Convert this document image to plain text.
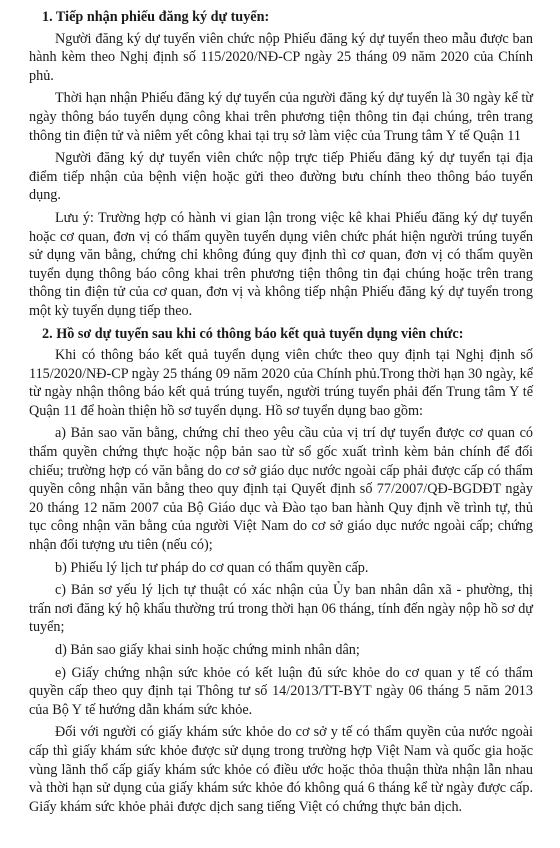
1. Tiếp nhận phiếu đăng ký dự tuyển:

Người đăng ký dự tuyển viên chức nộp Phiếu đăng ký dự tuyển theo mẫu được ban hành kèm theo Nghị định số 115/2020/NĐ-CP ngày 25 tháng 09 năm 2020 của Chính phủ.

Thời hạn nhận Phiếu đăng ký dự tuyển của người đăng ký dự tuyển là 30 ngày kể từ ngày thông báo tuyển dụng công khai trên phương tiện thông tin đại chúng, trên trang thông tin điện tử và niêm yết công khai tại trụ sở làm việc của Trung tâm Y tế Quận 11

Người đăng ký dự tuyển viên chức nộp trực tiếp Phiếu đăng ký dự tuyển tại địa điểm tiếp nhận của bệnh viện hoặc gửi theo đường bưu chính theo thông báo tuyển dụng.

Lưu ý: Trường hợp có hành vi gian lận trong việc kê khai Phiếu đăng ký dự tuyển hoặc cơ quan, đơn vị có thẩm quyền tuyển dụng viên chức phát hiện người trúng tuyển sử dụng văn bằng, chứng chỉ không đúng quy định thì cơ quan, đơn vị có thẩm quyền tuyển dụng thông báo công khai trên phương tiện thông tin đại chúng hoặc trên trang thông tin điện tử của cơ quan, đơn vị và không tiếp nhận Phiếu đăng ký dự tuyển trong một kỳ tuyển dụng tiếp theo.

2. Hồ sơ dự tuyển sau khi có thông báo kết quả tuyển dụng viên chức:

Khi có thông báo kết quả tuyển dụng viên chức theo quy định tại Nghị định số 115/2020/NĐ-CP ngày 25 tháng 09 năm 2020 của Chính phủ.Trong thời hạn 30 ngày, kể từ ngày nhận thông báo kết quả trúng tuyển, người trúng tuyển phải đến Trung tâm Y tế Quận 11 để hoàn thiện hồ sơ tuyển dụng. Hồ sơ tuyển dụng bao gồm:

a) Bản sao văn bằng, chứng chỉ theo yêu cầu của vị trí dự tuyển được cơ quan có thẩm quyền chứng thực hoặc nộp bản sao từ sổ gốc xuất trình kèm bản chính để đối chiếu; trường hợp có văn bằng do cơ sở giáo dục nước ngoài cấp phải được cấp có thẩm quyền công nhận văn bằng theo quy định tại Quyết định số 77/2007/QĐ-BGDĐT ngày 20 tháng 12 năm 2007 của Bộ Giáo dục và Đào tạo ban hành Quy định về trình tự, thủ tục công nhận văn bằng của người Việt Nam do cơ sở giáo dục nước ngoài cấp; chứng nhận đối tượng ưu tiên (nếu có);

b) Phiếu lý lịch tư pháp do cơ quan có thẩm quyền cấp.

c) Bản sơ yếu lý lịch tự thuật có xác nhận của Ủy ban nhân dân xã - phường, thị trấn nơi đăng ký hộ khẩu thường trú trong thời hạn 06 tháng, tính đến ngày nộp hồ sơ dự tuyển;

d) Bản sao giấy khai sinh hoặc chứng minh nhân dân;

e) Giấy chứng nhận sức khỏe có kết luận đủ sức khỏe do cơ quan y tế có thẩm quyền cấp theo quy định tại Thông tư số 14/2013/TT-BYT ngày 06 tháng 5 năm 2013 của Bộ Y tế hướng dẫn khám sức khỏe.

Đối với người có giấy khám sức khỏe do cơ sở y tế có thẩm quyền của nước ngoài cấp thì giấy khám sức khỏe được sử dụng trong trường hợp Việt Nam và quốc gia hoặc vùng lãnh thổ cấp giấy khám sức khỏe có điều ước hoặc thỏa thuận thừa nhận lẫn nhau và thời hạn sử dụng của giấy khám sức khỏe đó không quá 6 tháng kể từ ngày được cấp. Giấy khám sức khỏe phải được dịch sang tiếng Việt có chứng thực bản dịch.
